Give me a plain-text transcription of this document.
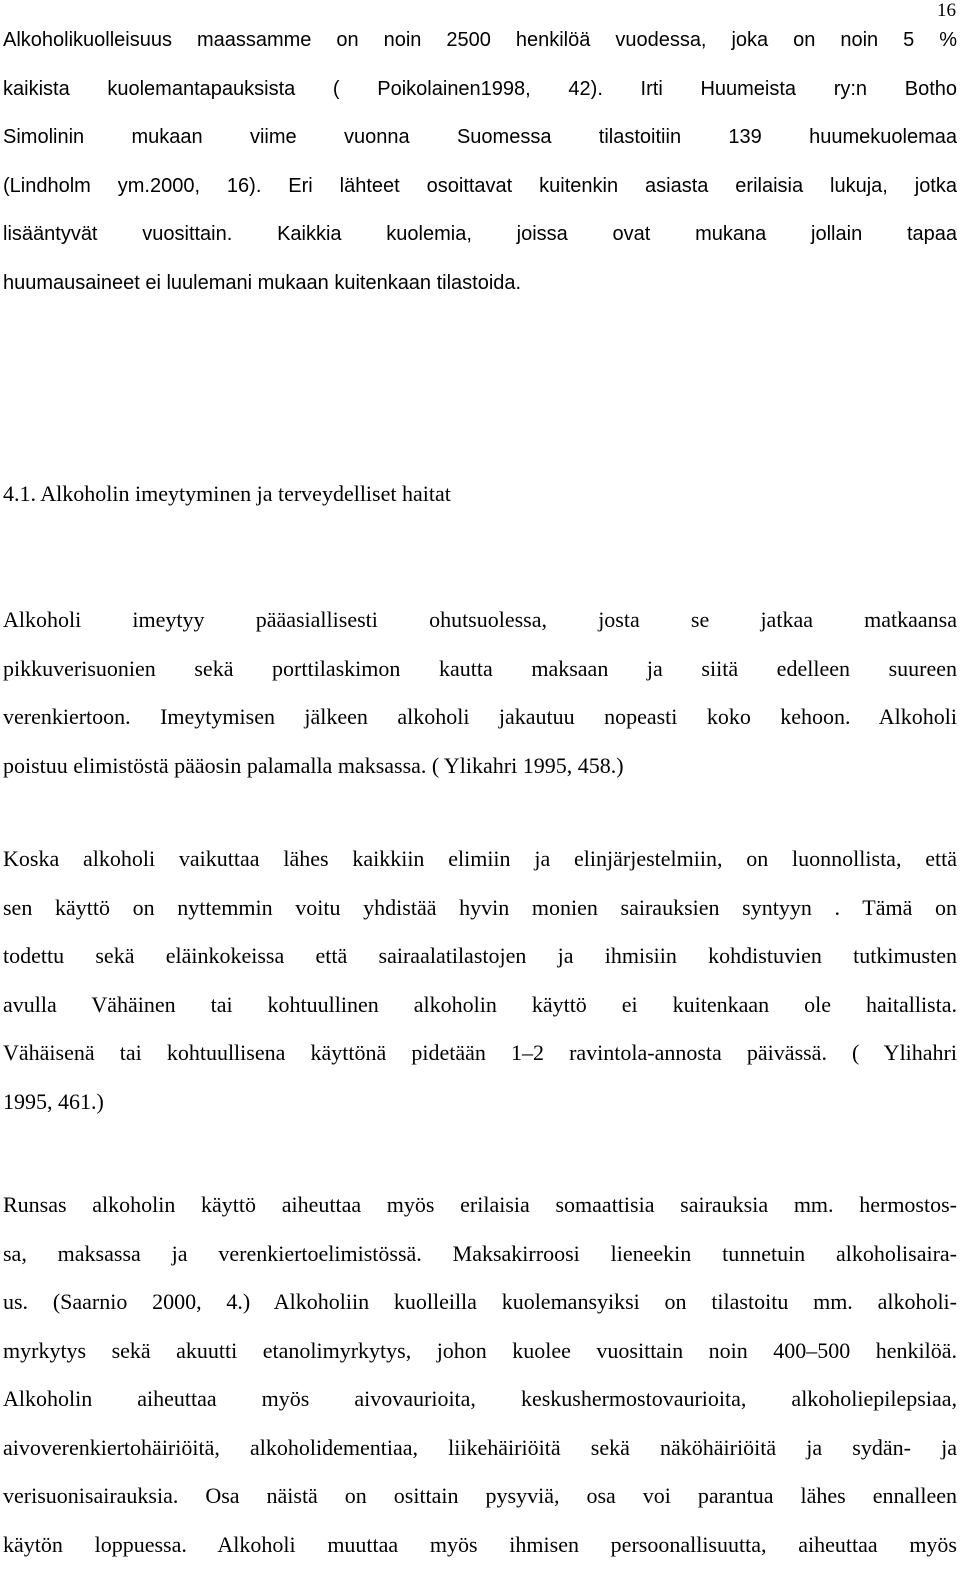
16
Alkoholikuolleisuus maassamme on noin 2500 henkilöä vuodessa, joka on noin 5 %
kaikista kuolemantapauksista ( Poikolainen1998, 42). Irti Huumeista ry:n Botho
Simolinin mukaan viime vuonna Suomessa tilastoitiin 139 huumekuolemaa
(Lindholm ym.2000, 16). Eri lähteet osoittavat kuitenkin asiasta erilaisia lukuja, jotka
lisääntyvät vuosittain. Kaikkia kuolemia, joissa ovat mukana jollain tapaa
huumausaineet ei luulemani mukaan kuitenkaan tilastoida.
4.1. Alkoholin imeytyminen ja terveydelliset haitat
Alkoholi imeytyy pääasiallisesti ohutsuolessa, josta se jatkaa matkaansa
pikkuverisuonien sekä porttilaskimon kautta maksaan ja siitä edelleen suureen
verenkiertoon. Imeytymisen jälkeen alkoholi jakautuu nopeasti koko kehoon. Alkoholi
poistuu elimistöstä pääosin palamalla maksassa. ( Ylikahri 1995, 458.)
Koska alkoholi vaikuttaa lähes kaikkiin elimiin ja elinjärjestelmiin, on luonnollista, että
sen käyttö on nyttemmin voitu yhdistää hyvin monien sairauksien syntyyn . Tämä on
todettu sekä eläinkokeissa että sairaalatilastojen ja ihmisiin kohdistuvien tutkimusten
avulla Vähäinen tai kohtuullinen alkoholin käyttö ei kuitenkaan ole haitallista.
Vähäisenä tai kohtuullisena käyttönä pidetään 1–2 ravintola-annosta päivässä. ( Ylihahri
1995, 461.)
Runsas alkoholin käyttö aiheuttaa myös erilaisia somaattisia sairauksia mm. hermostos-
sa, maksassa ja verenkiertoelimistössä. Maksakirroosi lieneekin tunnetuin alkoholisaira-
us. (Saarnio 2000, 4.) Alkoholiin kuolleilla kuolemansyiksi on tilastoitu mm. alkoholi-
myrkytys sekä akuutti etanolimyrkytys, johon kuolee vuosittain noin 400–500 henkilöä.
Alkoholin aiheuttaa myös aivovaurioita, keskushermostovaurioita, alkoholiepilepsiaa,
aivoverenkiertohäiriöitä, alkoholidementiaa, liikehäiriöitä sekä näköhäiriöitä ja sydän- ja
verisuonisairauksia. Osa näistä on osittain pysyviä, osa voi parantua lähes ennalleen
käytön loppuessa. Alkoholi muuttaa myös ihmisen persoonallisuutta, aiheuttaa myös
